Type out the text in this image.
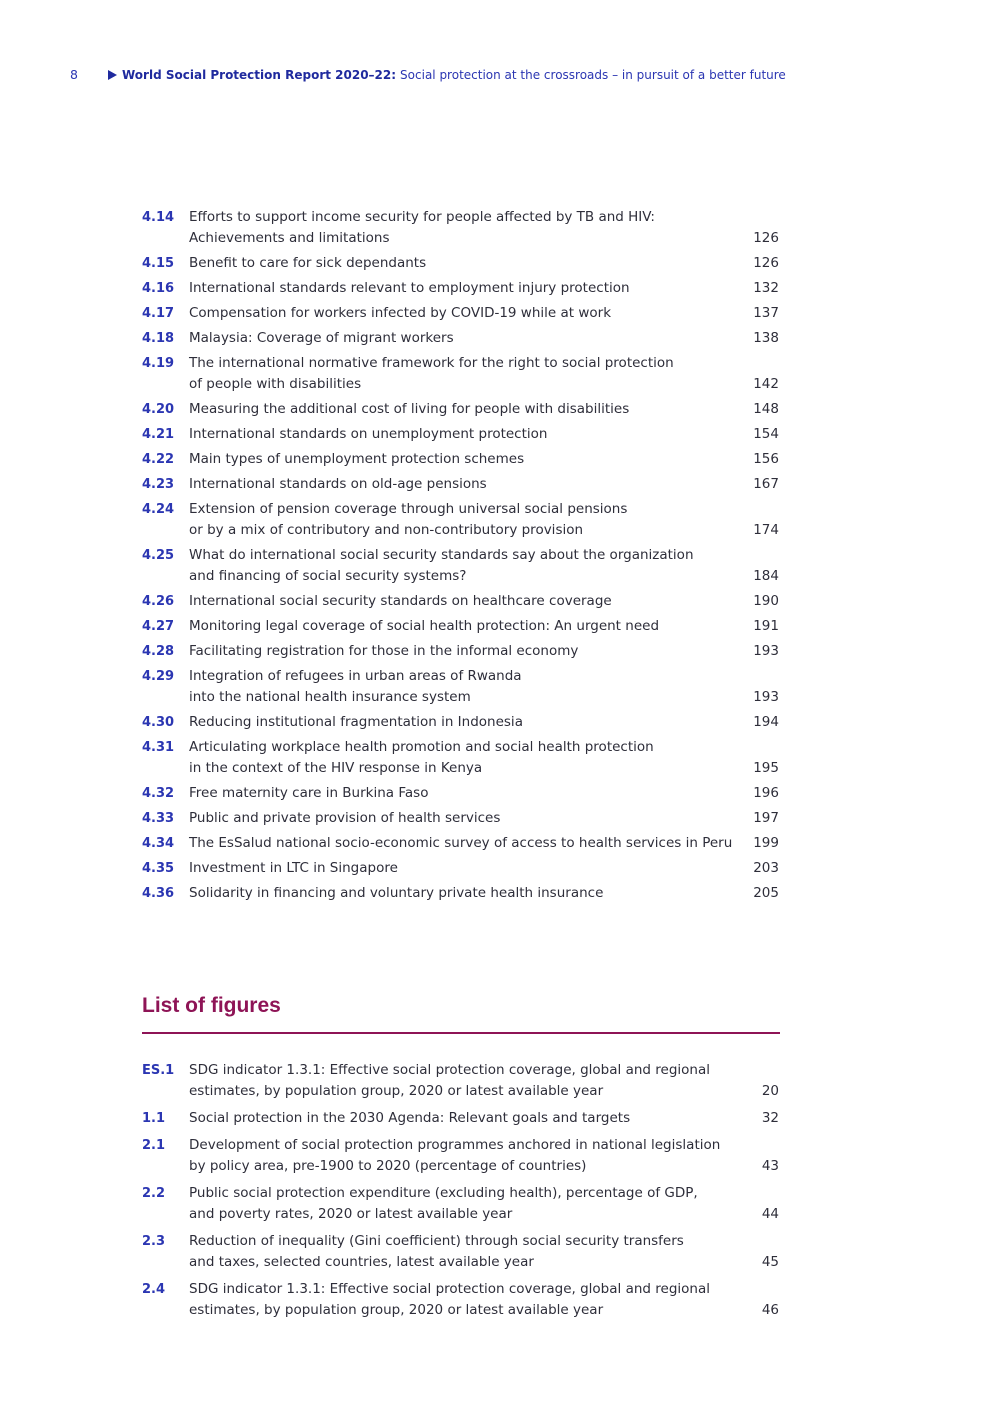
8	World Social Protection Report 2020–22: Social protection at the crossroads – in pursuit of a better future
4.14 Efforts to support income security for people affected by TB and HIV:
Achievements and limitations	126
4.15 Benefit to care for sick dependants	126
4.16 International standards relevant to employment injury protection	132
4.17 Compensation for workers infected by COVID-19 while at work	137
4.18 Malaysia: Coverage of migrant workers	138
4.19 The international normative framework for the right to social protection
of people with disabilities	142
4.20 Measuring the additional cost of living for people with disabilities	148
4.21 International standards on unemployment protection	154
4.22 Main types of unemployment protection schemes	156
4.23 International standards on old-age pensions	167
4.24 Extension of pension coverage through universal social pensions
or by a mix of contributory and non-contributory provision	174
4.25 What do international social security standards say about the organization
and financing of social security systems?	184
4.26 International social security standards on healthcare coverage	190
4.27 Monitoring legal coverage of social health protection: An urgent need	191
4.28 Facilitating registration for those in the informal economy	193
4.29 Integration of refugees in urban areas of Rwanda
into the national health insurance system	193
4.30 Reducing institutional fragmentation in Indonesia	194
4.31 Articulating workplace health promotion and social health protection
in the context of the HIV response in Kenya	195
4.32 Free maternity care in Burkina Faso	196
4.33 Public and private provision of health services	197
4.34 The EsSalud national socio-economic survey of access to health services in Peru	199
4.35 Investment in LTC in Singapore	203
4.36 Solidarity in financing and voluntary private health insurance	205
List of figures
ES.1 SDG indicator 1.3.1: Effective social protection coverage, global and regional
estimates, by population group, 2020 or latest available year	20
1.1 Social protection in the 2030 Agenda: Relevant goals and targets	32
2.1 Development of social protection programmes anchored in national legislation
by policy area, pre-1900 to 2020 (percentage of countries)	43
2.2 Public social protection expenditure (excluding health), percentage of GDP,
and poverty rates, 2020 or latest available year	44
2.3 Reduction of inequality (Gini coefficient) through social security transfers
and taxes, selected countries, latest available year	45
2.4 SDG indicator 1.3.1: Effective social protection coverage, global and regional
estimates, by population group, 2020 or latest available year	46
